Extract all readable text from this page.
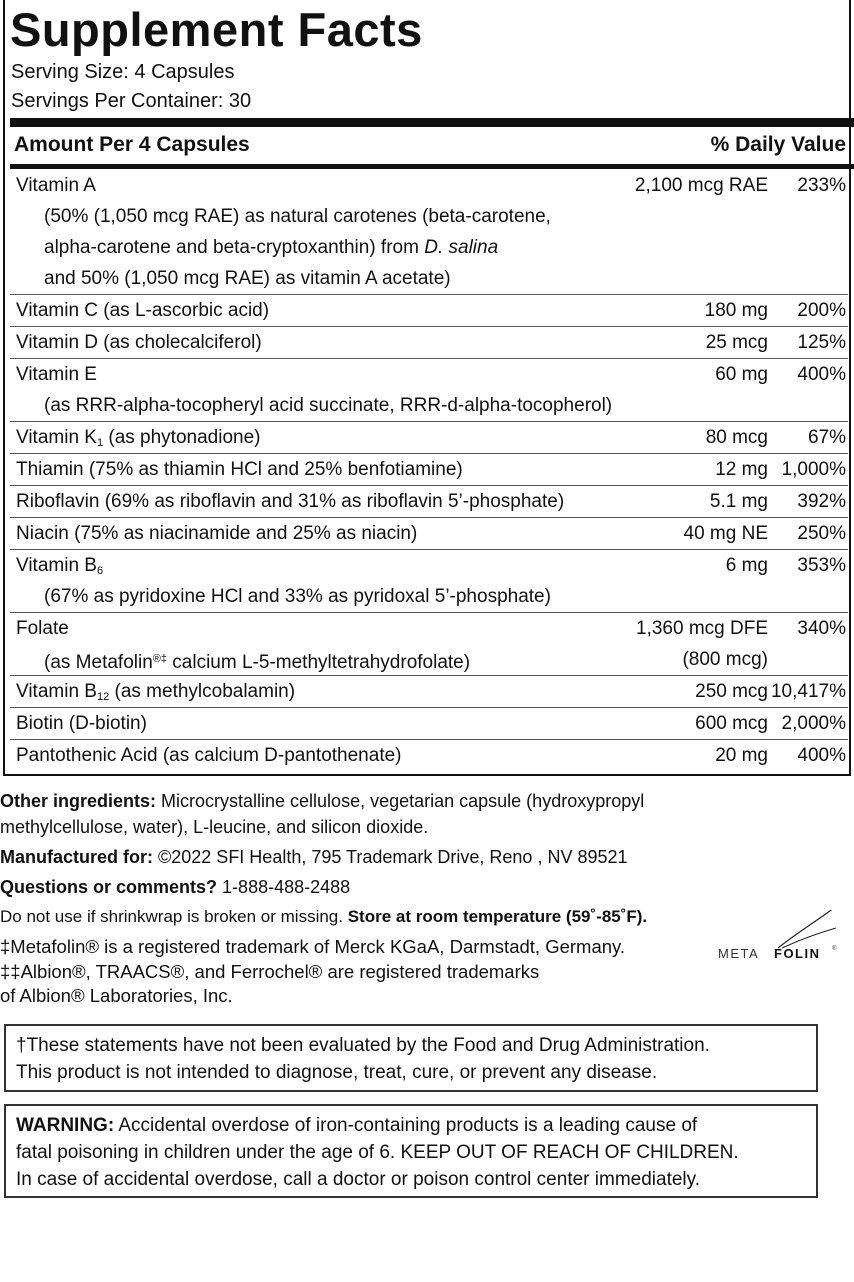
Supplement Facts
Serving Size: 4 Capsules
Servings Per Container: 30
Amount Per 4 Capsules	% Daily Value
Vitamin A	2,100 mcg RAE 233%
(50% (1,050 mcg RAE) as natural carotenes (beta-carotene,
alpha-carotene and beta-cryptoxanthin) from D. salina
and 50% (1,050 mcg RAE) as vitamin A acetate)
Vitamin C (as L-ascorbic acid)	180 mg 200%
Vitamin D (as cholecalciferol)	25 mcg 125%
Vitamin E	60 mg 400%
(as RRR-alpha-tocopheryl acid succinate, RRR-d-alpha-tocopherol)
Vitamin $K_1$ (as phytonadione)	80 mcg 67%
Thiamin (75% as thiamin HCl and 25% benfotiamine)	12 mg 1,000%
Riboflavin (69% as riboflavin and 31% as riboflavin 5’-phosphate)	5.1 mg 392%
Niacin (75% as niacinamide and 25% as niacin)	40 mg NE 250%
Vitamin $B_6$	6 mg 353%
(67% as pyridoxine HCl and 33% as pyridoxal 5’-phosphate)
Folate	1,360 mcg DFE 340%
(as Metafolin®‡ calcium L-5-methyltetrahydrofolate)	(800 mcg)
Vitamin $B_{12}$ (as methylcobalamin)	250 mcg 10,417%
Biotin (D-biotin)	600 mcg 2,000%
Pantothenic Acid (as calcium D-pantothenate)	20 mg 400%

Other ingredients: Microcrystalline cellulose, vegetarian capsule (hydroxypropyl

methylcellulose, water), L-leucine, and silicon dioxide.

Manufactured for: ©2022 SFI Health, 795 Trademark Drive, Reno , NV 89521

Questions or comments? 1-888-488-2488

Do not use if shrinkwrap is broken or missing. Store at room temperature (59˚-85˚F).

‡Metafolin® is a registered trademark of Merck KGaA, Darmstadt, Germany.

‡‡Albion®, TRAACS®, and Ferrochel® are registered trademarks

of Albion® Laboratories, Inc.

META FOLIN ®

†These statements have not been evaluated by the Food and Drug Administration.

This product is not intended to diagnose, treat, cure, or prevent any disease.

WARNING: Accidental overdose of iron-containing products is a leading cause of

fatal poisoning in children under the age of 6. KEEP OUT OF REACH OF CHILDREN.

In case of accidental overdose, call a doctor or poison control center immediately.
